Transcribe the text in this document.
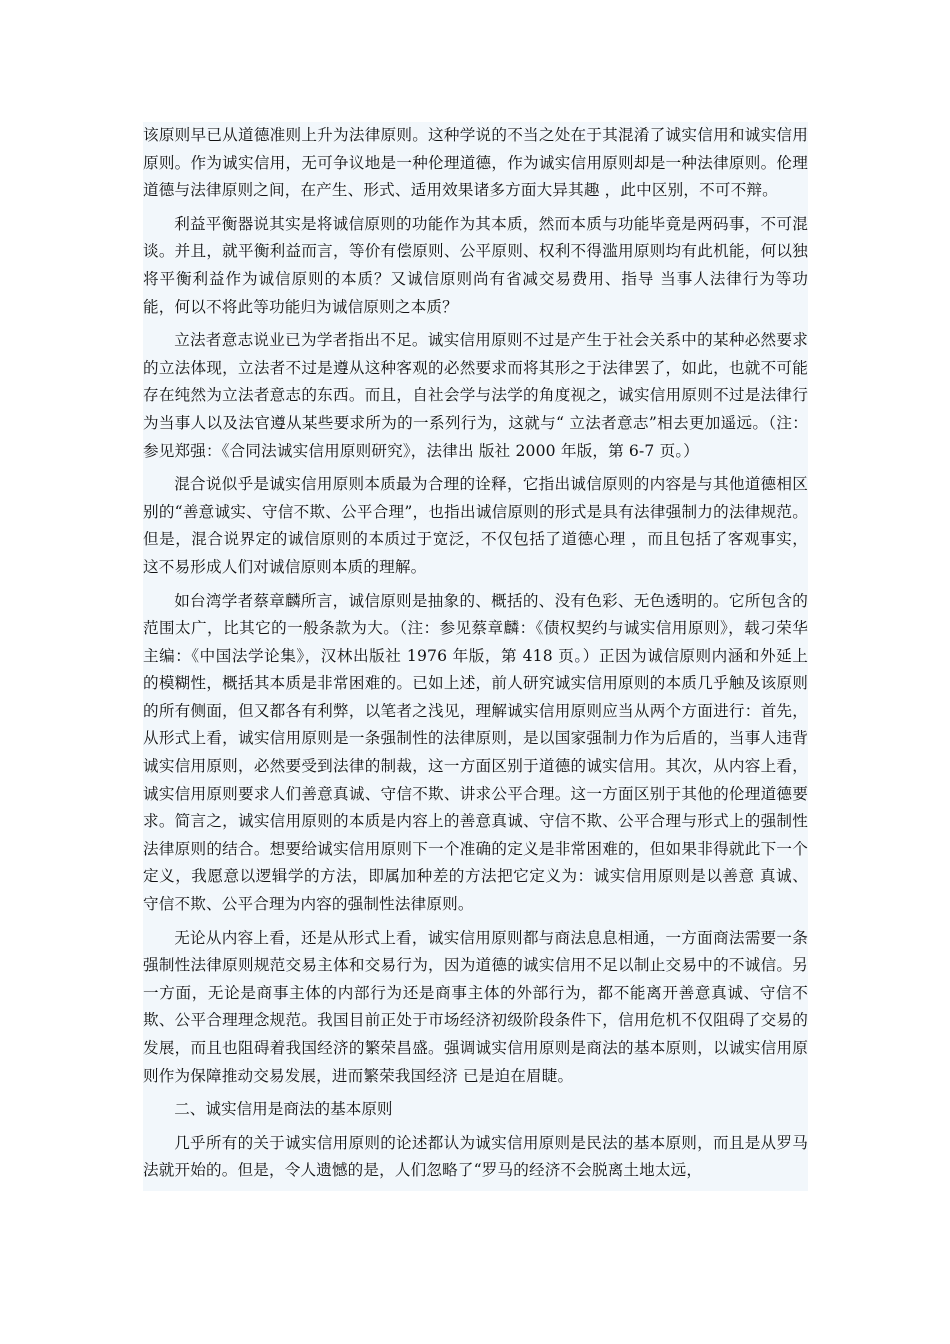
该原则早已从道德准则上升为法律原则。这种学说的不当之处在于其混淆了诚实信用和诚实信用原则。作为诚实信用，无可争议地是一种伦理道德，作为诚实信用原则却是一种法律原则。伦理道德与法律原则之间，在产生、形式、适用效果诸多方面大异其趣 ，此中区别，不可不辩。

利益平衡器说其实是将诚信原则的功能作为其本质，然而本质与功能毕竟是两码事，不可混谈。并且，就平衡利益而言，等价有偿原则、公平原则、权利不得滥用原则均有此机能，何以独将平衡利益作为诚信原则的本质？又诚信原则尚有省减交易费用、指导 当事人法律行为等功能，何以不将此等功能归为诚信原则之本质？

立法者意志说业已为学者指出不足。诚实信用原则不过是产生于社会关系中的某种必然要求的立法体现，立法者不过是遵从这种客观的必然要求而将其形之于法律罢了，如此，也就不可能存在纯然为立法者意志的东西。而且，自社会学与法学的角度视之，诚实信用原则不过是法律行为当事人以及法官遵从某些要求所为的一系列行为，这就与“ 立法者意志”相去更加遥远。（注：参见郑强：《合同法诚实信用原则研究》，法律出 版社 2000 年版，第 6-7 页。）

混合说似乎是诚实信用原则本质最为合理的诠释，它指出诚信原则的内容是与其他道德相区别的“善意诚实、守信不欺、公平合理”，也指出诚信原则的形式是具有法律强制力的法律规范。但是，混合说界定的诚信原则的本质过于宽泛，不仅包括了道德心理 ，而且包括了客观事实，这不易形成人们对诚信原则本质的理解。

如台湾学者蔡章麟所言，诚信原则是抽象的、概括的、没有色彩、无色透明的。它所包含的范围太广，比其它的一般条款为大。（注：参见蔡章麟：《债权契约与诚实信用原则》，载刁荣华主编：《中国法学论集》，汉林出版社 1976 年版，第 418 页。）正因为诚信原则内涵和外延上的模糊性，概括其本质是非常困难的。已如上述，前人研究诚实信用原则的本质几乎触及该原则的所有侧面，但又都各有利弊，以笔者之浅见，理解诚实信用原则应当从两个方面进行：首先，从形式上看，诚实信用原则是一条强制性的法律原则，是以国家强制力作为后盾的，当事人违背诚实信用原则，必然要受到法律的制裁，这一方面区别于道德的诚实信用。其次，从内容上看，诚实信用原则要求人们善意真诚、守信不欺、讲求公平合理。这一方面区别于其他的伦理道德要求。简言之，诚实信用原则的本质是内容上的善意真诚、守信不欺、公平合理与形式上的强制性法律原则的结合。想要给诚实信用原则下一个准确的定义是非常困难的，但如果非得就此下一个定义，我愿意以逻辑学的方法，即属加种差的方法把它定义为：诚实信用原则是以善意 真诚、守信不欺、公平合理为内容的强制性法律原则。

无论从内容上看，还是从形式上看，诚实信用原则都与商法息息相通，一方面商法需要一条强制性法律原则规范交易主体和交易行为，因为道德的诚实信用不足以制止交易中的不诚信。另一方面，无论是商事主体的内部行为还是商事主体的外部行为，都不能离开善意真诚、守信不欺、公平合理理念规范。我国目前正处于市场经济初级阶段条件下，信用危机不仅阻碍了交易的发展，而且也阻碍着我国经济的繁荣昌盛。强调诚实信用原则是商法的基本原则，以诚实信用原则作为保障推动交易发展，进而繁荣我国经济 已是迫在眉睫。

二、诚实信用是商法的基本原则

几乎所有的关于诚实信用原则的论述都认为诚实信用原则是民法的基本原则，而且是从罗马法就开始的。但是，令人遗憾的是，人们忽略了“罗马的经济不会脱离土地太远，
